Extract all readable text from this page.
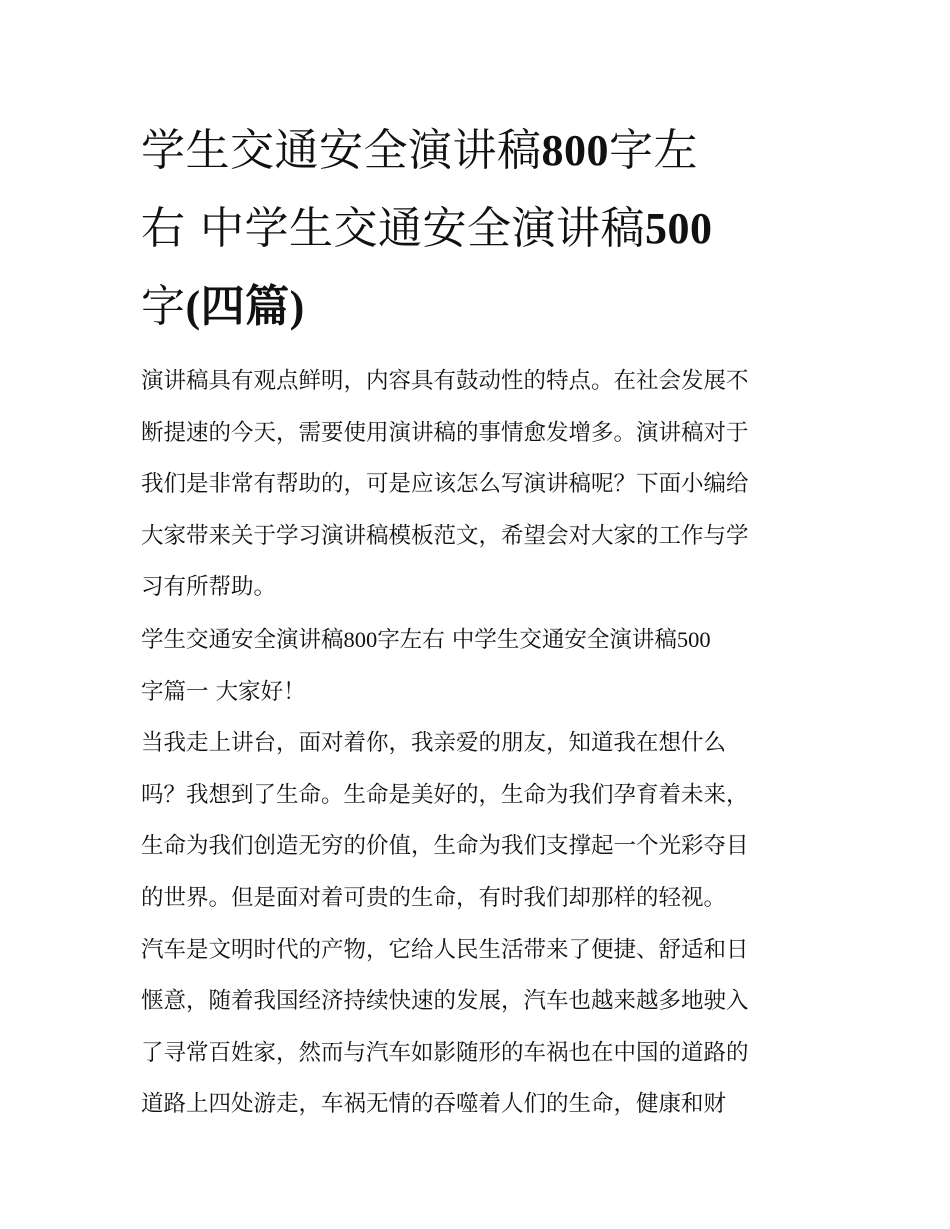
学生交通安全演讲稿800字左
右 中学生交通安全演讲稿500
字(四篇)

演讲稿具有观点鲜明，内容具有鼓动性的特点。在社会发展不
断提速的今天，需要使用演讲稿的事情愈发增多。演讲稿对于
我们是非常有帮助的，可是应该怎么写演讲稿呢？下面小编给
大家带来关于学习演讲稿模板范文，希望会对大家的工作与学
习有所帮助。

学生交通安全演讲稿800字左右 中学生交通安全演讲稿500
字篇一 大家好！

当我走上讲台，面对着你，我亲爱的朋友，知道我在想什么
吗？我想到了生命。生命是美好的，生命为我们孕育着未来，
生命为我们创造无穷的价值，生命为我们支撑起一个光彩夺目
的世界。但是面对着可贵的生命，有时我们却那样的轻视。

汽车是文明时代的产物，它给人民生活带来了便捷、舒适和日
惬意，随着我国经济持续快速的发展，汽车也越来越多地驶入
了寻常百姓家，然而与汽车如影随形的车祸也在中国的道路的
道路上四处游走，车祸无情的吞噬着人们的生命，健康和财
